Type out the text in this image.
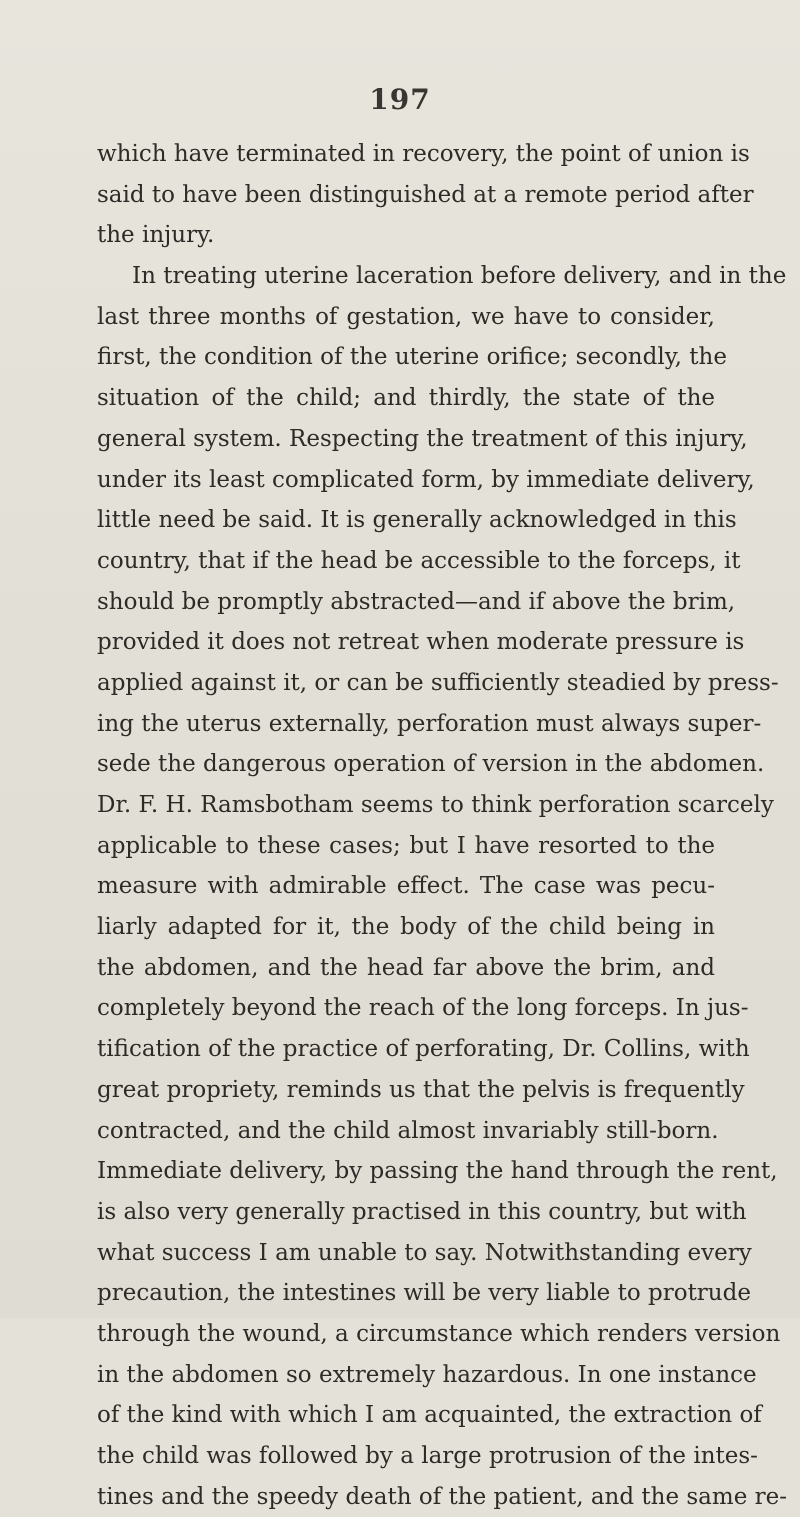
197
which have terminated in recovery, the point of union is
said to have been distinguished at a remote period after
the injury.
In treating uterine laceration before delivery, and in the
last three months of gestation, we have to consider,
first, the condition of the uterine orifice; secondly, the
situation of the child; and thirdly, the state of the
general system. Respecting the treatment of this injury,
under its least complicated form, by immediate delivery,
little need be said. It is generally acknowledged in this
country, that if the head be accessible to the forceps, it
should be promptly abstracted—and if above the brim,
provided it does not retreat when moderate pressure is
applied against it, or can be sufficiently steadied by press-
ing the uterus externally, perforation must always super-
sede the dangerous operation of version in the abdomen.
Dr. F. H. Ramsbotham seems to think perforation scarcely
applicable to these cases; but I have resorted to the
measure with admirable effect. The case was pecu-
liarly adapted for it, the body of the child being in
the abdomen, and the head far above the brim, and
completely beyond the reach of the long forceps. In jus-
tification of the practice of perforating, Dr. Collins, with
great propriety, reminds us that the pelvis is frequently
contracted, and the child almost invariably still-born.
Immediate delivery, by passing the hand through the rent,
is also very generally practised in this country, but with
what success I am unable to say. Notwithstanding every
precaution, the intestines will be very liable to protrude
through the wound, a circumstance which renders version
in the abdomen so extremely hazardous. In one instance
of the kind with which I am acquainted, the extraction of
the child was followed by a large protrusion of the intes-
tines and the speedy death of the patient, and the same re-
